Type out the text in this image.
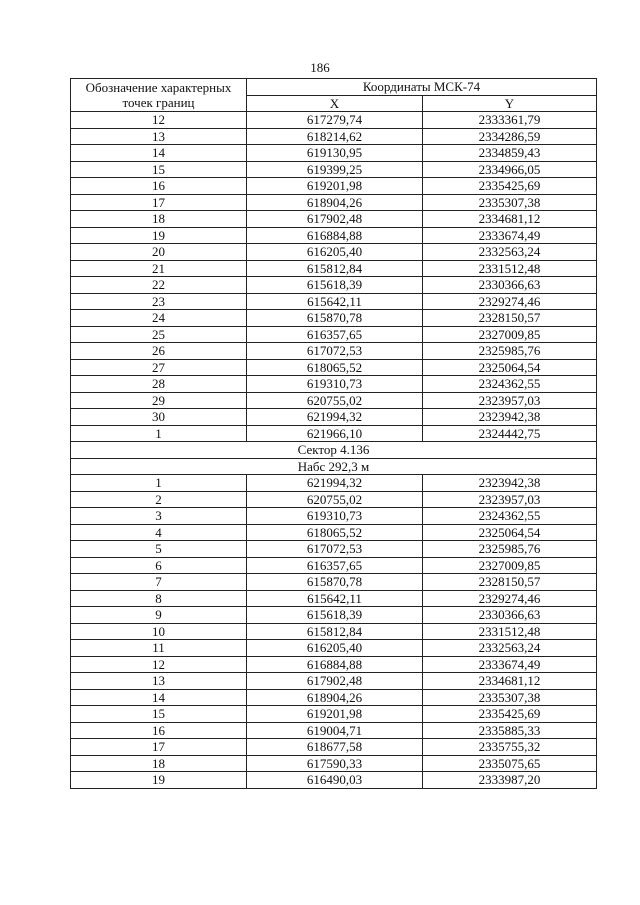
186
Обозначение характерных
точек границ	Координаты МСК-74	
	X	Y
12	617279,74	2333361,79
13	618214,62	2334286,59
14	619130,95	2334859,43
15	619399,25	2334966,05
16	619201,98	2335425,69
17	618904,26	2335307,38
18	617902,48	2334681,12
19	616884,88	2333674,49
20	616205,40	2332563,24
21	615812,84	2331512,48
22	615618,39	2330366,63
23	615642,11	2329274,46
24	615870,78	2328150,57
25	616357,65	2327009,85
26	617072,53	2325985,76
27	618065,52	2325064,54
28	619310,73	2324362,55
29	620755,02	2323957,03
30	621994,32	2323942,38
1	621966,10	2324442,75
Сектор 4.136		
Набс 292,3 м		
1	621994,32	2323942,38
2	620755,02	2323957,03
3	619310,73	2324362,55
4	618065,52	2325064,54
5	617072,53	2325985,76
6	616357,65	2327009,85
7	615870,78	2328150,57
8	615642,11	2329274,46
9	615618,39	2330366,63
10	615812,84	2331512,48
11	616205,40	2332563,24
12	616884,88	2333674,49
13	617902,48	2334681,12
14	618904,26	2335307,38
15	619201,98	2335425,69
16	619004,71	2335885,33
17	618677,58	2335755,32
18	617590,33	2335075,65
19	616490,03	2333987,20
